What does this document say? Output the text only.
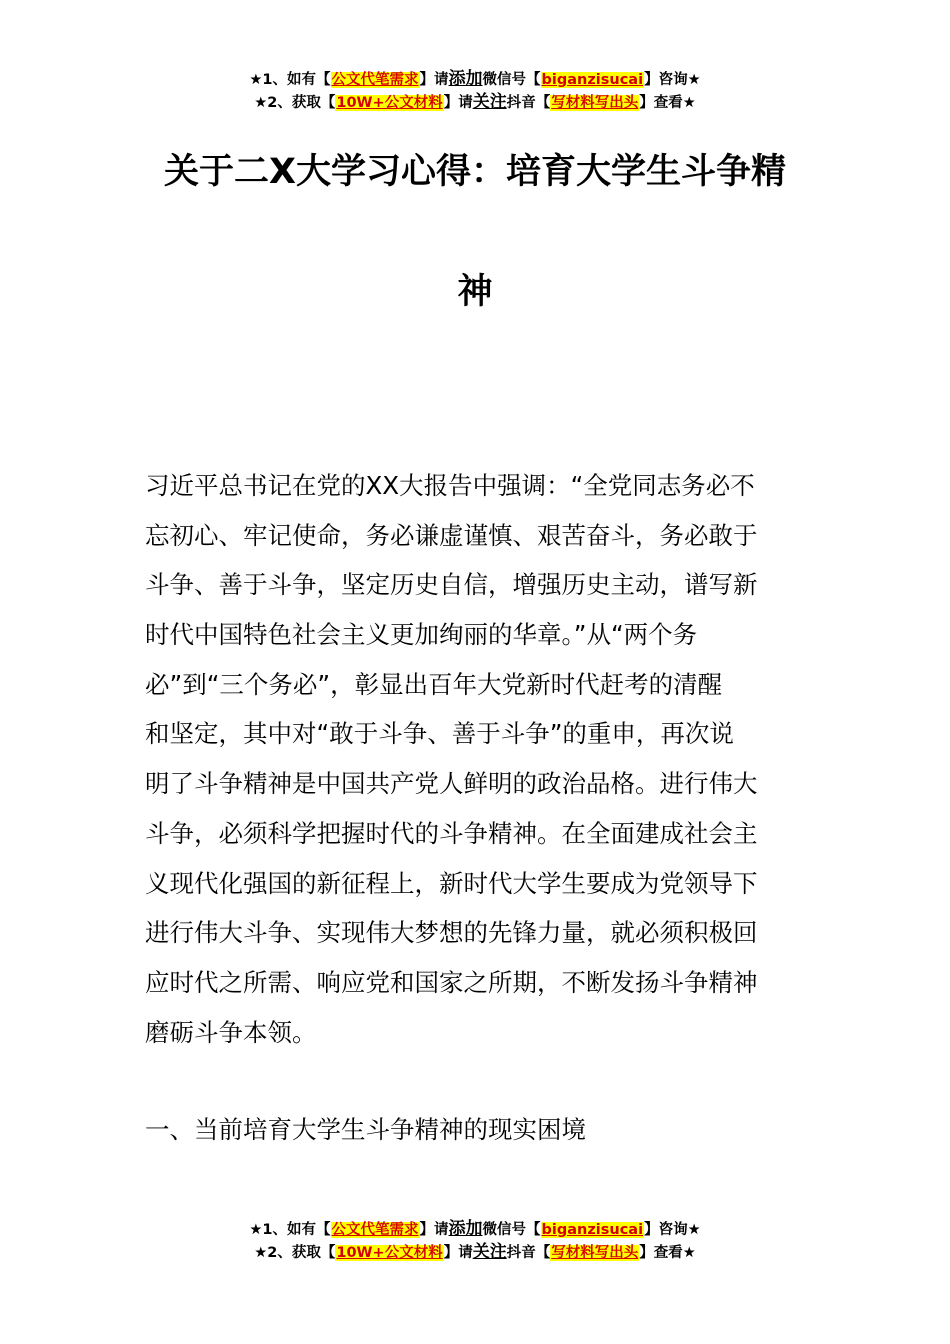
★1、如有【公文代笔需求】请添加微信号【biganzisucai】咨询★
★2、获取【10W+公文材料】请关注抖音【写材料写出头】查看★
关于二X大学习心得：培育大学生斗争精
神

习近平总书记在党的XX大报告中强调：“全党同志务必不
忘初心、牢记使命，务必谦虚谨慎、艰苦奋斗，务必敢于
斗争、善于斗争，坚定历史自信，增强历史主动，谱写新
时代中国特色社会主义更加绚丽的华章。”从“两个务
必”到“三个务必”，彰显出百年大党新时代赶考的清醒
和坚定，其中对“敢于斗争、善于斗争”的重申，再次说
明了斗争精神是中国共产党人鲜明的政治品格。进行伟大
斗争，必须科学把握时代的斗争精神。在全面建成社会主
义现代化强国的新征程上，新时代大学生要成为党领导下
进行伟大斗争、实现伟大梦想的先锋力量，就必须积极回
应时代之所需、响应党和国家之所期，不断发扬斗争精神
磨砺斗争本领。

一、当前培育大学生斗争精神的现实困境
★1、如有【公文代笔需求】请添加微信号【biganzisucai】咨询★
★2、获取【10W+公文材料】请关注抖音【写材料写出头】查看★
